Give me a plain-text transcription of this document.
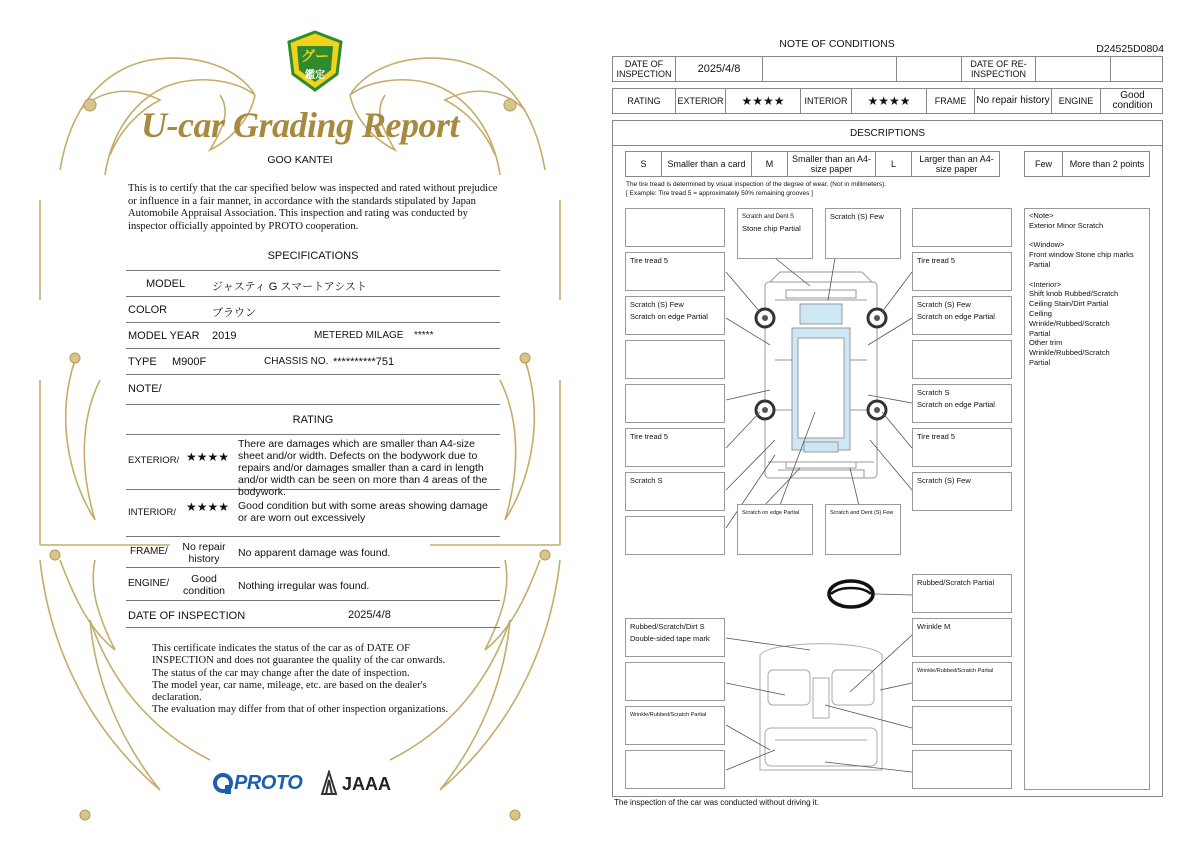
グー
鑑定
U-car Grading Report
GOO KANTEI
This is to certify that the car specified below was inspected and rated without prejudice or influence in a fair manner, in accordance with the standards stipulated by Japan Automobile Appraisal Association. This inspection and rating was conducted by inspector officially appointed by PROTO cooperation.
SPECIFICATIONS
MODEL ジャスティ G スマートアシスト
COLOR	ブラウン
MODEL YEAR 2019	METERED MILAGE *****
TYPE M900F	CHASSIS NO. **********751
NOTE/
RATING
EXTERIOR/ ★★★★
There are damages which are smaller than A4-size sheet and/or width. Defects on the bodywork due to repairs and/or damages smaller than a card in length and/or width can be seen on more than 4 areas of the bodywork.
INTERIOR/ ★★★★ Good condition but with some areas showing damage or are worn out excessively
FRAME/	No repair history	No apparent damage was found.
ENGINE/	Good condition	Nothing irregular was found.
DATE OF INSPECTION	2025/4/8
This certificate indicates the status of the car as of DATE OF
INSPECTION and does not guarantee the quality of the car onwards.
The status of the car may change after the date of inspection.
The model year, car name, mileage, etc. are based on the dealer's
declaration.
The evaluation may differ from that of other inspection organizations.
PROTO JAAA
NOTE OF CONDITIONS	D24525D0804
DATE OF INSPECTION	2025/4/8	DATE OF RE-INSPECTION
RATING	EXTERIOR	★★★★	INTERIOR	★★★★	FRAME	No repair history	ENGINE	Good condition
DESCRIPTIONS
S	Smaller than a card	M	Smaller than an A4-size paper	L	Larger than an A4-size paper	Few	More than 2 points
The tire tread is determined by visual inspection of the degree of wear. (Not in millimeters).
[ Example: Tire tread 5 = approximately 50% remaining grooves ]
Tire tread 5
Scratch (S) Few
Scratch on edge Partial
Tire tread 5
Scratch S
Scratch and Dent S
Stone chip Partial
Scratch (S) Few
Scratch on edge Partial	Scratch and Dent (S) Few
Tire tread 5
Scratch (S) Few
Scratch on edge Partial
Scratch S
Scratch on edge Partial
Tire tread 5
Scratch (S) Few
Rubbed/Scratch Partial
Rubbed/Scratch/Dirt S
Double-sided tape mark
Wrinkle M
Wrinkle/Rubbed/Scratch Partial
Wrinkle/Rubbed/Scratch Partial
<Note>
Exterior Minor Scratch
<Window>
Front window Stone chip marks
Partial
<Interior>
Shift knob Rubbed/Scratch
Ceiling Stain/Dirt Partial
Ceiling
Wrinkle/Rubbed/Scratch
Partial
Other trim
Wrinkle/Rubbed/Scratch
Partial
The inspection of the car was conducted without driving it.
